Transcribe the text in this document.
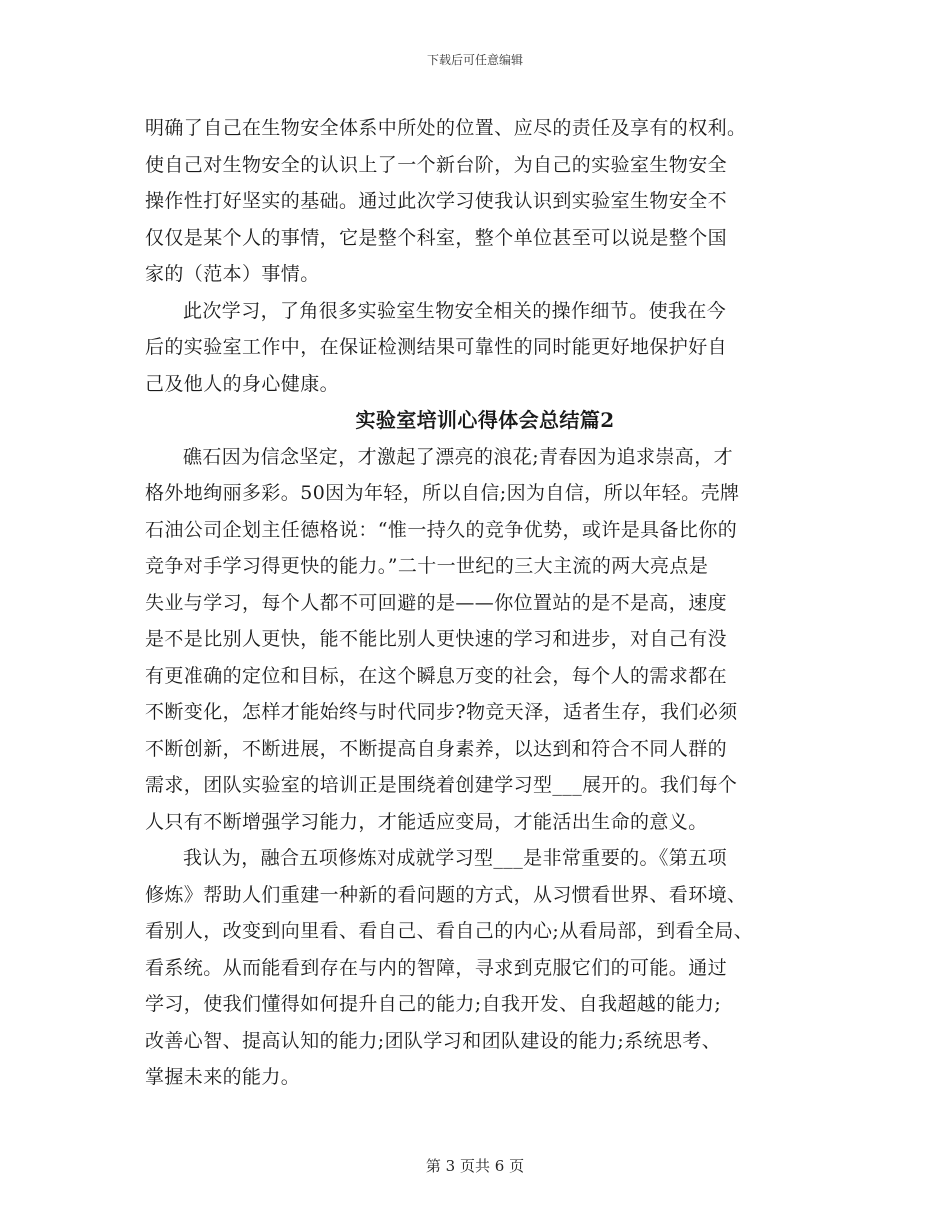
下载后可任意编辑
明确了自己在生物安全体系中所处的位置、应尽的责任及享有的权利。
使自己对生物安全的认识上了一个新台阶，为自己的实验室生物安全
操作性打好坚实的基础。通过此次学习使我认识到实验室生物安全不
仅仅是某个人的事情，它是整个科室，整个单位甚至可以说是整个国
家的（范本）事情。
此次学习，了角很多实验室生物安全相关的操作细节。使我在今
后的实验室工作中，在保证检测结果可靠性的同时能更好地保护好自
己及他人的身心健康。
实验室培训心得体会总结篇2
礁石因为信念坚定，才激起了漂亮的浪花;青春因为追求崇高，才
格外地绚丽多彩。50因为年轻，所以自信;因为自信，所以年轻。壳牌
石油公司企划主任德格说：“惟一持久的竞争优势，或许是具备比你的
竞争对手学习得更快的能力。”二十一世纪的三大主流的两大亮点是
失业与学习，每个人都不可回避的是——你位置站的是不是高，速度
是不是比别人更快，能不能比别人更快速的学习和进步，对自己有没
有更准确的定位和目标，在这个瞬息万变的社会，每个人的需求都在
不断变化，怎样才能始终与时代同步?物竞天泽，适者生存，我们必须
不断创新，不断进展，不断提高自身素养，以达到和符合不同人群的
需求，团队实验室的培训正是围绕着创建学习型___展开的。我们每个
人只有不断增强学习能力，才能适应变局，才能活出生命的意义。
我认为，融合五项修炼对成就学习型___是非常重要的。《第五项
修炼》帮助人们重建一种新的看问题的方式，从习惯看世界、看环境、
看别人，改变到向里看、看自己、看自己的内心;从看局部，到看全局、
看系统。从而能看到存在与内的智障，寻求到克服它们的可能。通过
学习，使我们懂得如何提升自己的能力;自我开发、自我超越的能力;
改善心智、提高认知的能力;团队学习和团队建设的能力;系统思考、
掌握未来的能力。
第 3 页共 6 页
